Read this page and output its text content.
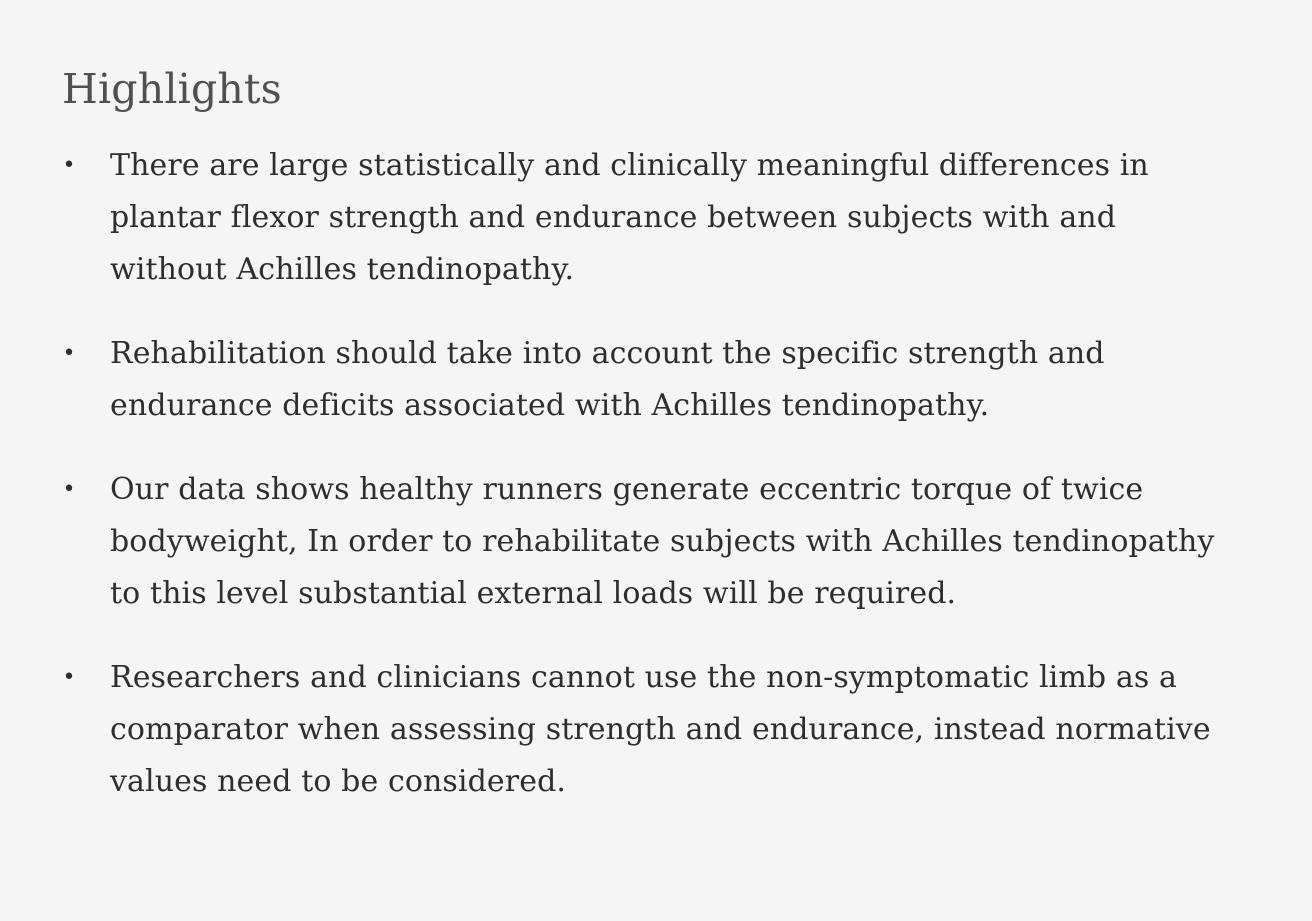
Highlights
• There are large statistically and clinically meaningful differences in plantar flexor strength and endurance between subjects with and without Achilles tendinopathy.
• Rehabilitation should take into account the specific strength and endurance deficits associated with Achilles tendinopathy.
• Our data shows healthy runners generate eccentric torque of twice bodyweight, In order to rehabilitate subjects with Achilles tendinopathy to this level substantial external loads will be required.
• Researchers and clinicians cannot use the non-symptomatic limb as a comparator when assessing strength and endurance, instead normative values need to be considered.
